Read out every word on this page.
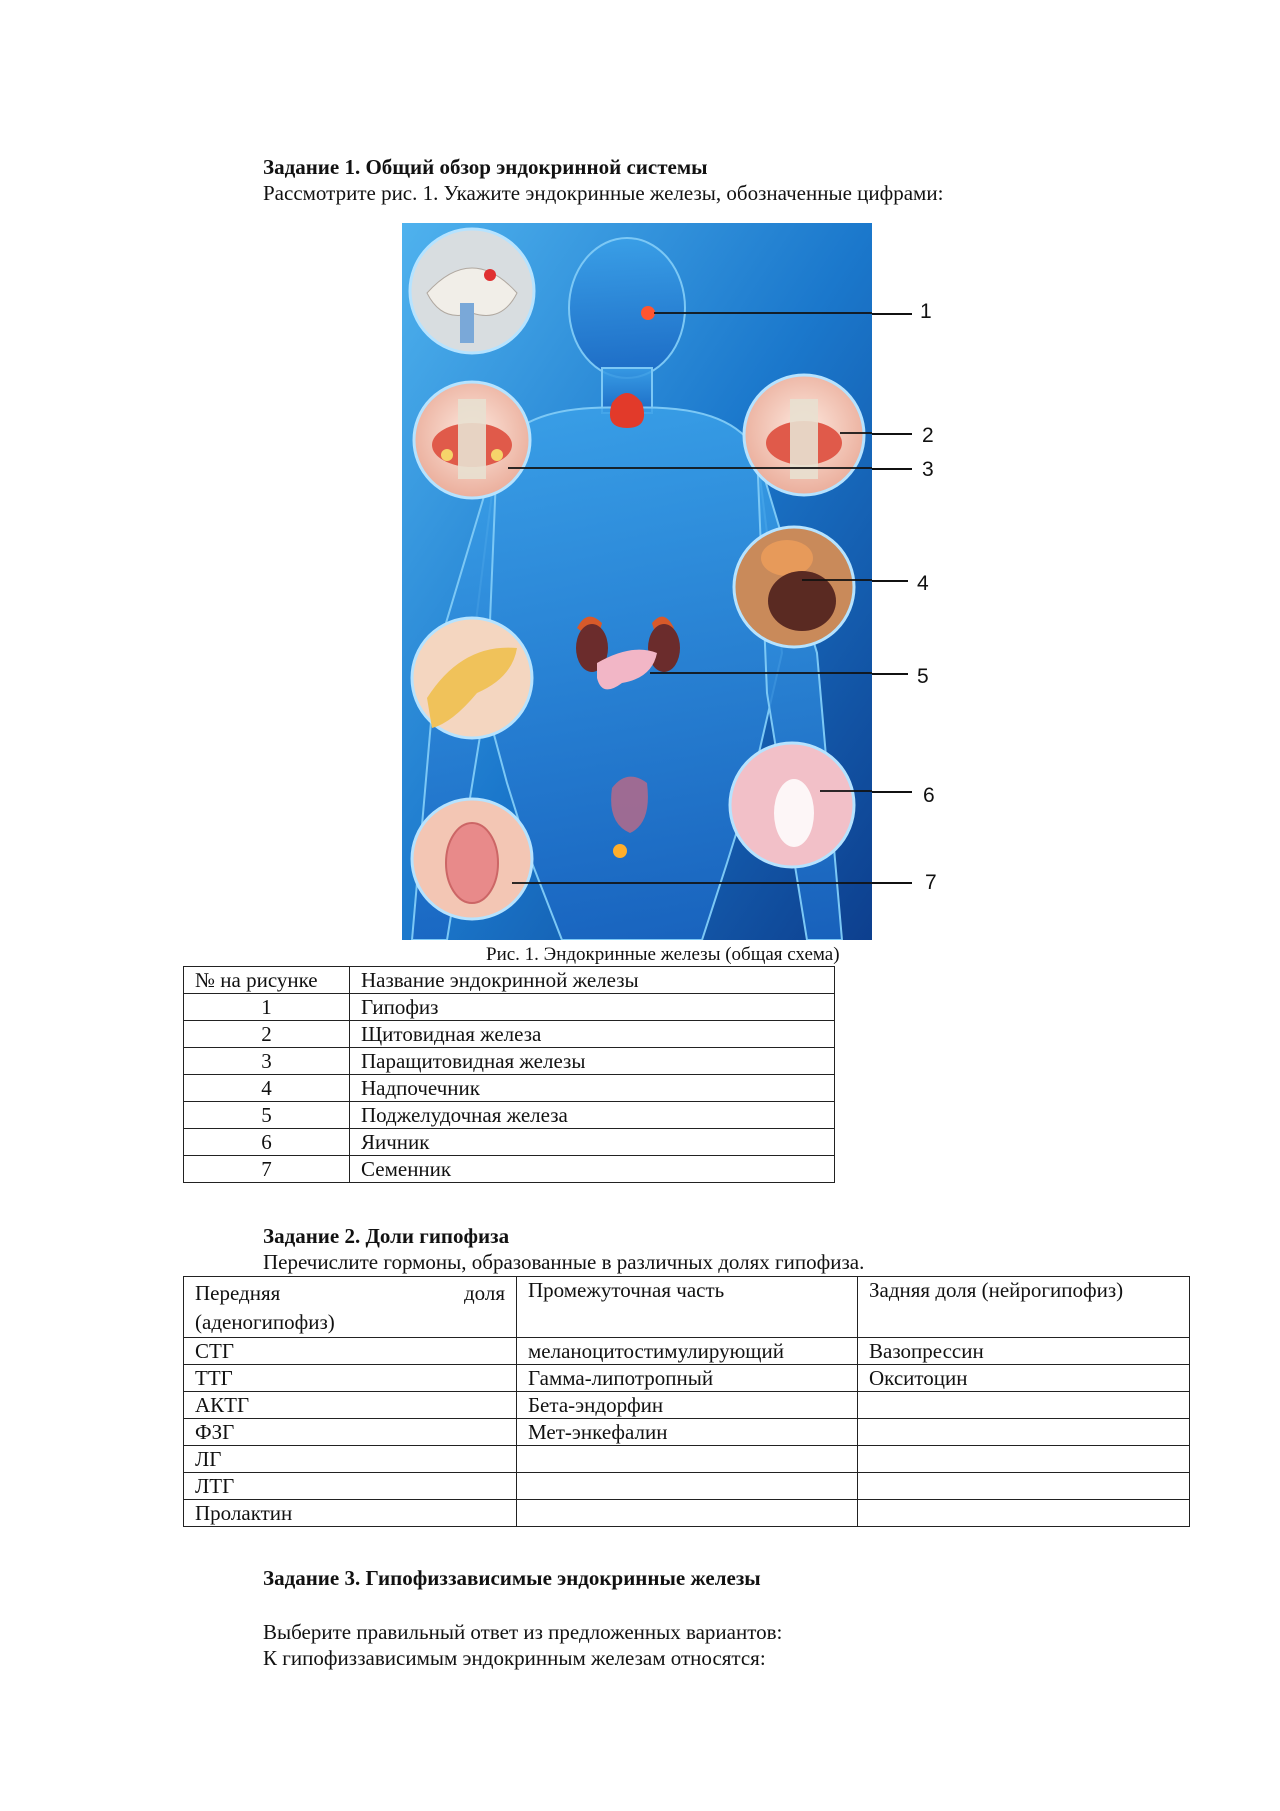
Задание 1. Общий обзор эндокринной системы
Рассмотрите рис. 1. Укажите эндокринные железы, обозначенные цифрами:
1
2
3
4
5
6
7
Рис. 1. Эндокринные железы (общая схема)
№ на рисунке	Название эндокринной железы
1	Гипофиз
2	Щитовидная железа
3	Паращитовидная железы
4	Надпочечник
5	Поджелудочная железа
6	Яичник
7	Семенник
Задание 2. Доли гипофиза
Перечислите гормоны, образованные в различных долях гипофиза.
Передняя доля
(аденогипофиз)	Промежуточная часть	Задняя доля (нейрогипофиз)
СТГ	меланоцитостимулирующий	Вазопрессин
ТТГ	Гамма-липотропный	Окситоцин
АКТГ	Бета-эндорфин	
ФЗГ	Мет-энкефалин	
ЛГ		
ЛТГ		
Пролактин		
Задание 3. Гипофиззависимые эндокринные железы
Выберите правильный ответ из предложенных вариантов:
К гипофиззависимым эндокринным железам относятся:
